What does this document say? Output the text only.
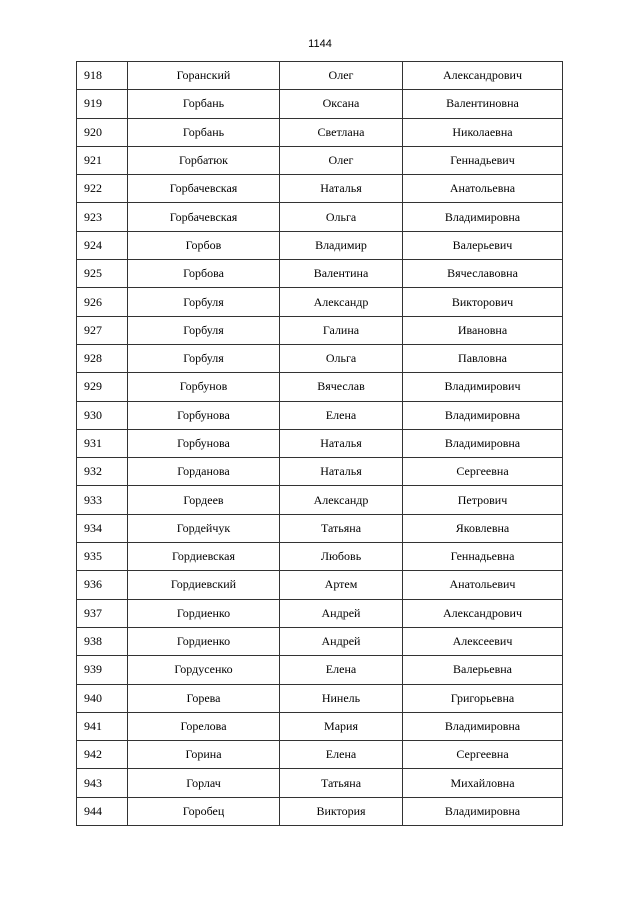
1144
918	Горанский	Олег	Александрович
919	Горбань	Оксана	Валентиновна
920	Горбань	Светлана	Николаевна
921	Горбатюк	Олег	Геннадьевич
922	Горбачевская	Наталья	Анатольевна
923	Горбачевская	Ольга	Владимировна
924	Горбов	Владимир	Валерьевич
925	Горбова	Валентина	Вячеславовна
926	Горбуля	Александр	Викторович
927	Горбуля	Галина	Ивановна
928	Горбуля	Ольга	Павловна
929	Горбунов	Вячеслав	Владимирович
930	Горбунова	Елена	Владимировна
931	Горбунова	Наталья	Владимировна
932	Горданова	Наталья	Сергеевна
933	Гордеев	Александр	Петрович
934	Гордейчук	Татьяна	Яковлевна
935	Гордиевская	Любовь	Геннадьевна
936	Гордиевский	Артем	Анатольевич
937	Гордиенко	Андрей	Александрович
938	Гордиенко	Андрей	Алексеевич
939	Гордусенко	Елена	Валерьевна
940	Горева	Нинель	Григорьевна
941	Горелова	Мария	Владимировна
942	Горина	Елена	Сергеевна
943	Горлач	Татьяна	Михайловна
944	Горобец	Виктория	Владимировна
